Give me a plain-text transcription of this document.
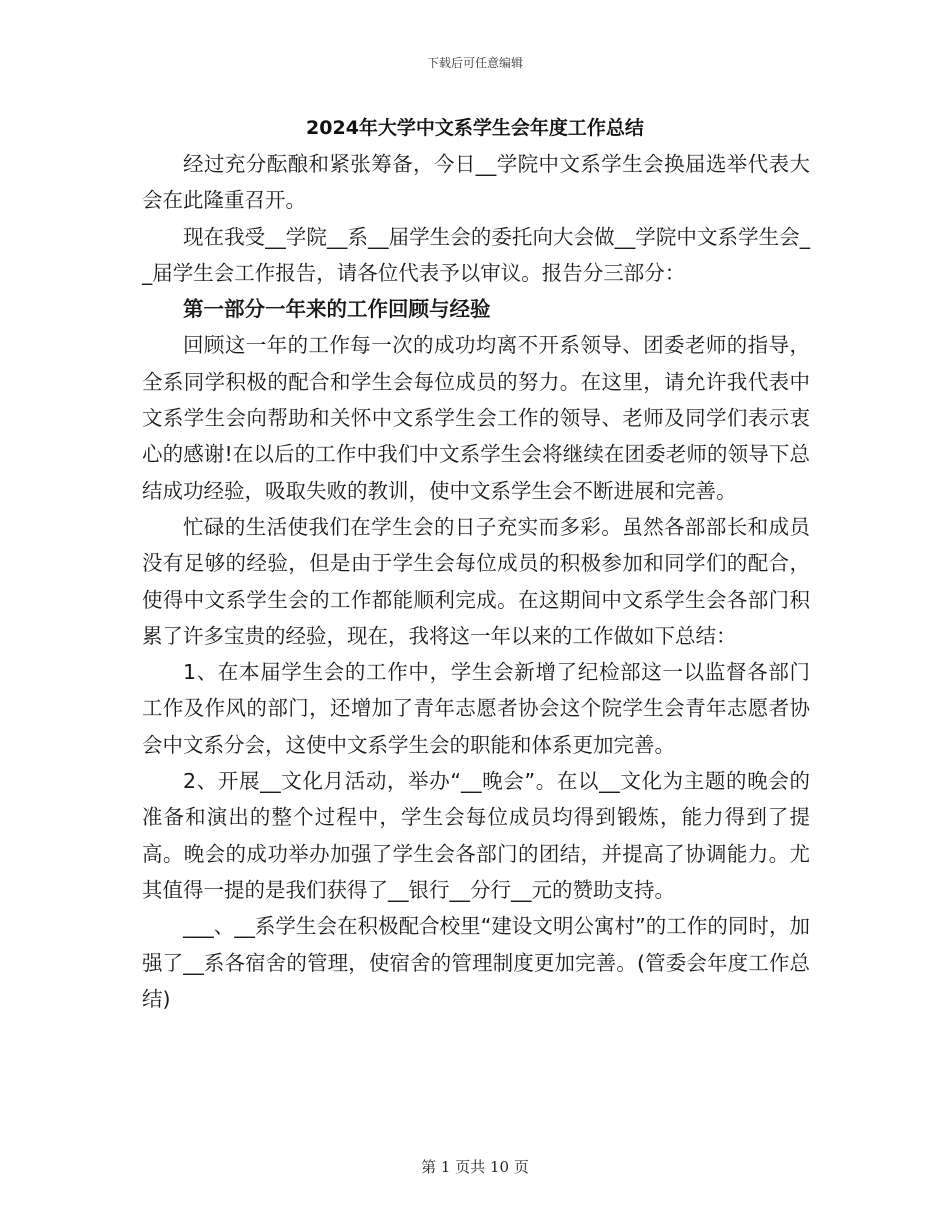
下载后可任意编辑
2024年大学中文系学生会年度工作总结

经过充分酝酿和紧张筹备，今日__学院中文系学生会换届选举代表大会在此隆重召开。

现在我受__学院__系__届学生会的委托向大会做__学院中文系学生会__届学生会工作报告，请各位代表予以审议。报告分三部分：

第一部分一年来的工作回顾与经验

回顾这一年的工作每一次的成功均离不开系领导、团委老师的指导，全系同学积极的配合和学生会每位成员的努力。在这里，请允许我代表中文系学生会向帮助和关怀中文系学生会工作的领导、老师及同学们表示衷心的感谢!在以后的工作中我们中文系学生会将继续在团委老师的领导下总结成功经验，吸取失败的教训，使中文系学生会不断进展和完善。

忙碌的生活使我们在学生会的日子充实而多彩。虽然各部部长和成员没有足够的经验，但是由于学生会每位成员的积极参加和同学们的配合，使得中文系学生会的工作都能顺利完成。在这期间中文系学生会各部门积累了许多宝贵的经验，现在，我将这一年以来的工作做如下总结：

1、在本届学生会的工作中，学生会新增了纪检部这一以监督各部门工作及作风的部门，还增加了青年志愿者协会这个院学生会青年志愿者协会中文系分会，这使中文系学生会的职能和体系更加完善。

2、开展__文化月活动，举办“__晚会”。在以__文化为主题的晚会的准备和演出的整个过程中，学生会每位成员均得到锻炼，能力得到了提高。晚会的成功举办加强了学生会各部门的团结，并提高了协调能力。尤其值得一提的是我们获得了__银行__分行__元的赞助支持。

___、__系学生会在积极配合校里“建设文明公寓村”的工作的同时，加强了__系各宿舍的管理，使宿舍的管理制度更加完善。(管委会年度工作总结)

第 1 页共 10 页
